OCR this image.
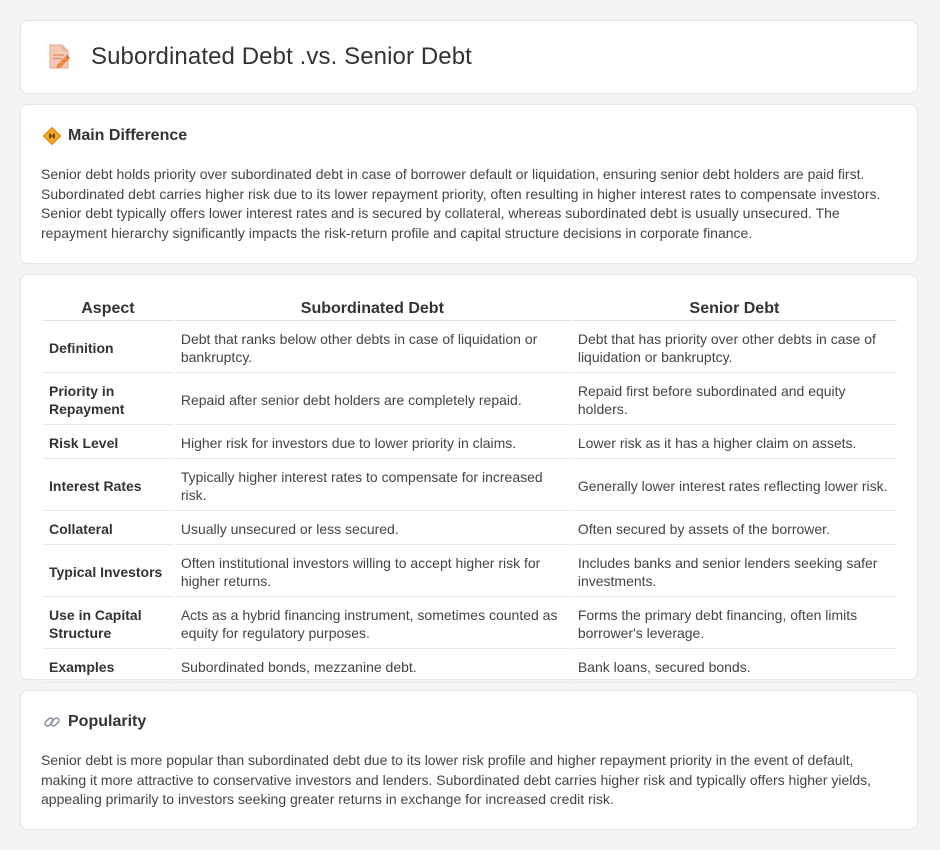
Subordinated Debt .vs. Senior Debt
Main Difference
Senior debt holds priority over subordinated debt in case of borrower default or liquidation, ensuring senior debt holders are paid first. Subordinated debt carries higher risk due to its lower repayment priority, often resulting in higher interest rates to compensate investors. Senior debt typically offers lower interest rates and is secured by collateral, whereas subordinated debt is usually unsecured. The repayment hierarchy significantly impacts the risk-return profile and capital structure decisions in corporate finance.
Aspect	Subordinated Debt	Senior Debt
Definition	Debt that ranks below other debts in case of liquidation or bankruptcy.	Debt that has priority over other debts in case of liquidation or bankruptcy.
Priority in Repayment	Repaid after senior debt holders are completely repaid.	Repaid first before subordinated and equity holders.
Risk Level	Higher risk for investors due to lower priority in claims.	Lower risk as it has a higher claim on assets.
Interest Rates	Typically higher interest rates to compensate for increased risk.	Generally lower interest rates reflecting lower risk.
Collateral	Usually unsecured or less secured.	Often secured by assets of the borrower.
Typical Investors	Often institutional investors willing to accept higher risk for higher returns.	Includes banks and senior lenders seeking safer investments.
Use in Capital Structure	Acts as a hybrid financing instrument, sometimes counted as equity for regulatory purposes.	Forms the primary debt financing, often limits borrower's leverage.
Examples	Subordinated bonds, mezzanine debt.	Bank loans, secured bonds.
Popularity
Senior debt is more popular than subordinated debt due to its lower risk profile and higher repayment priority in the event of default, making it more attractive to conservative investors and lenders. Subordinated debt carries higher risk and typically offers higher yields, appealing primarily to investors seeking greater returns in exchange for increased credit risk.
